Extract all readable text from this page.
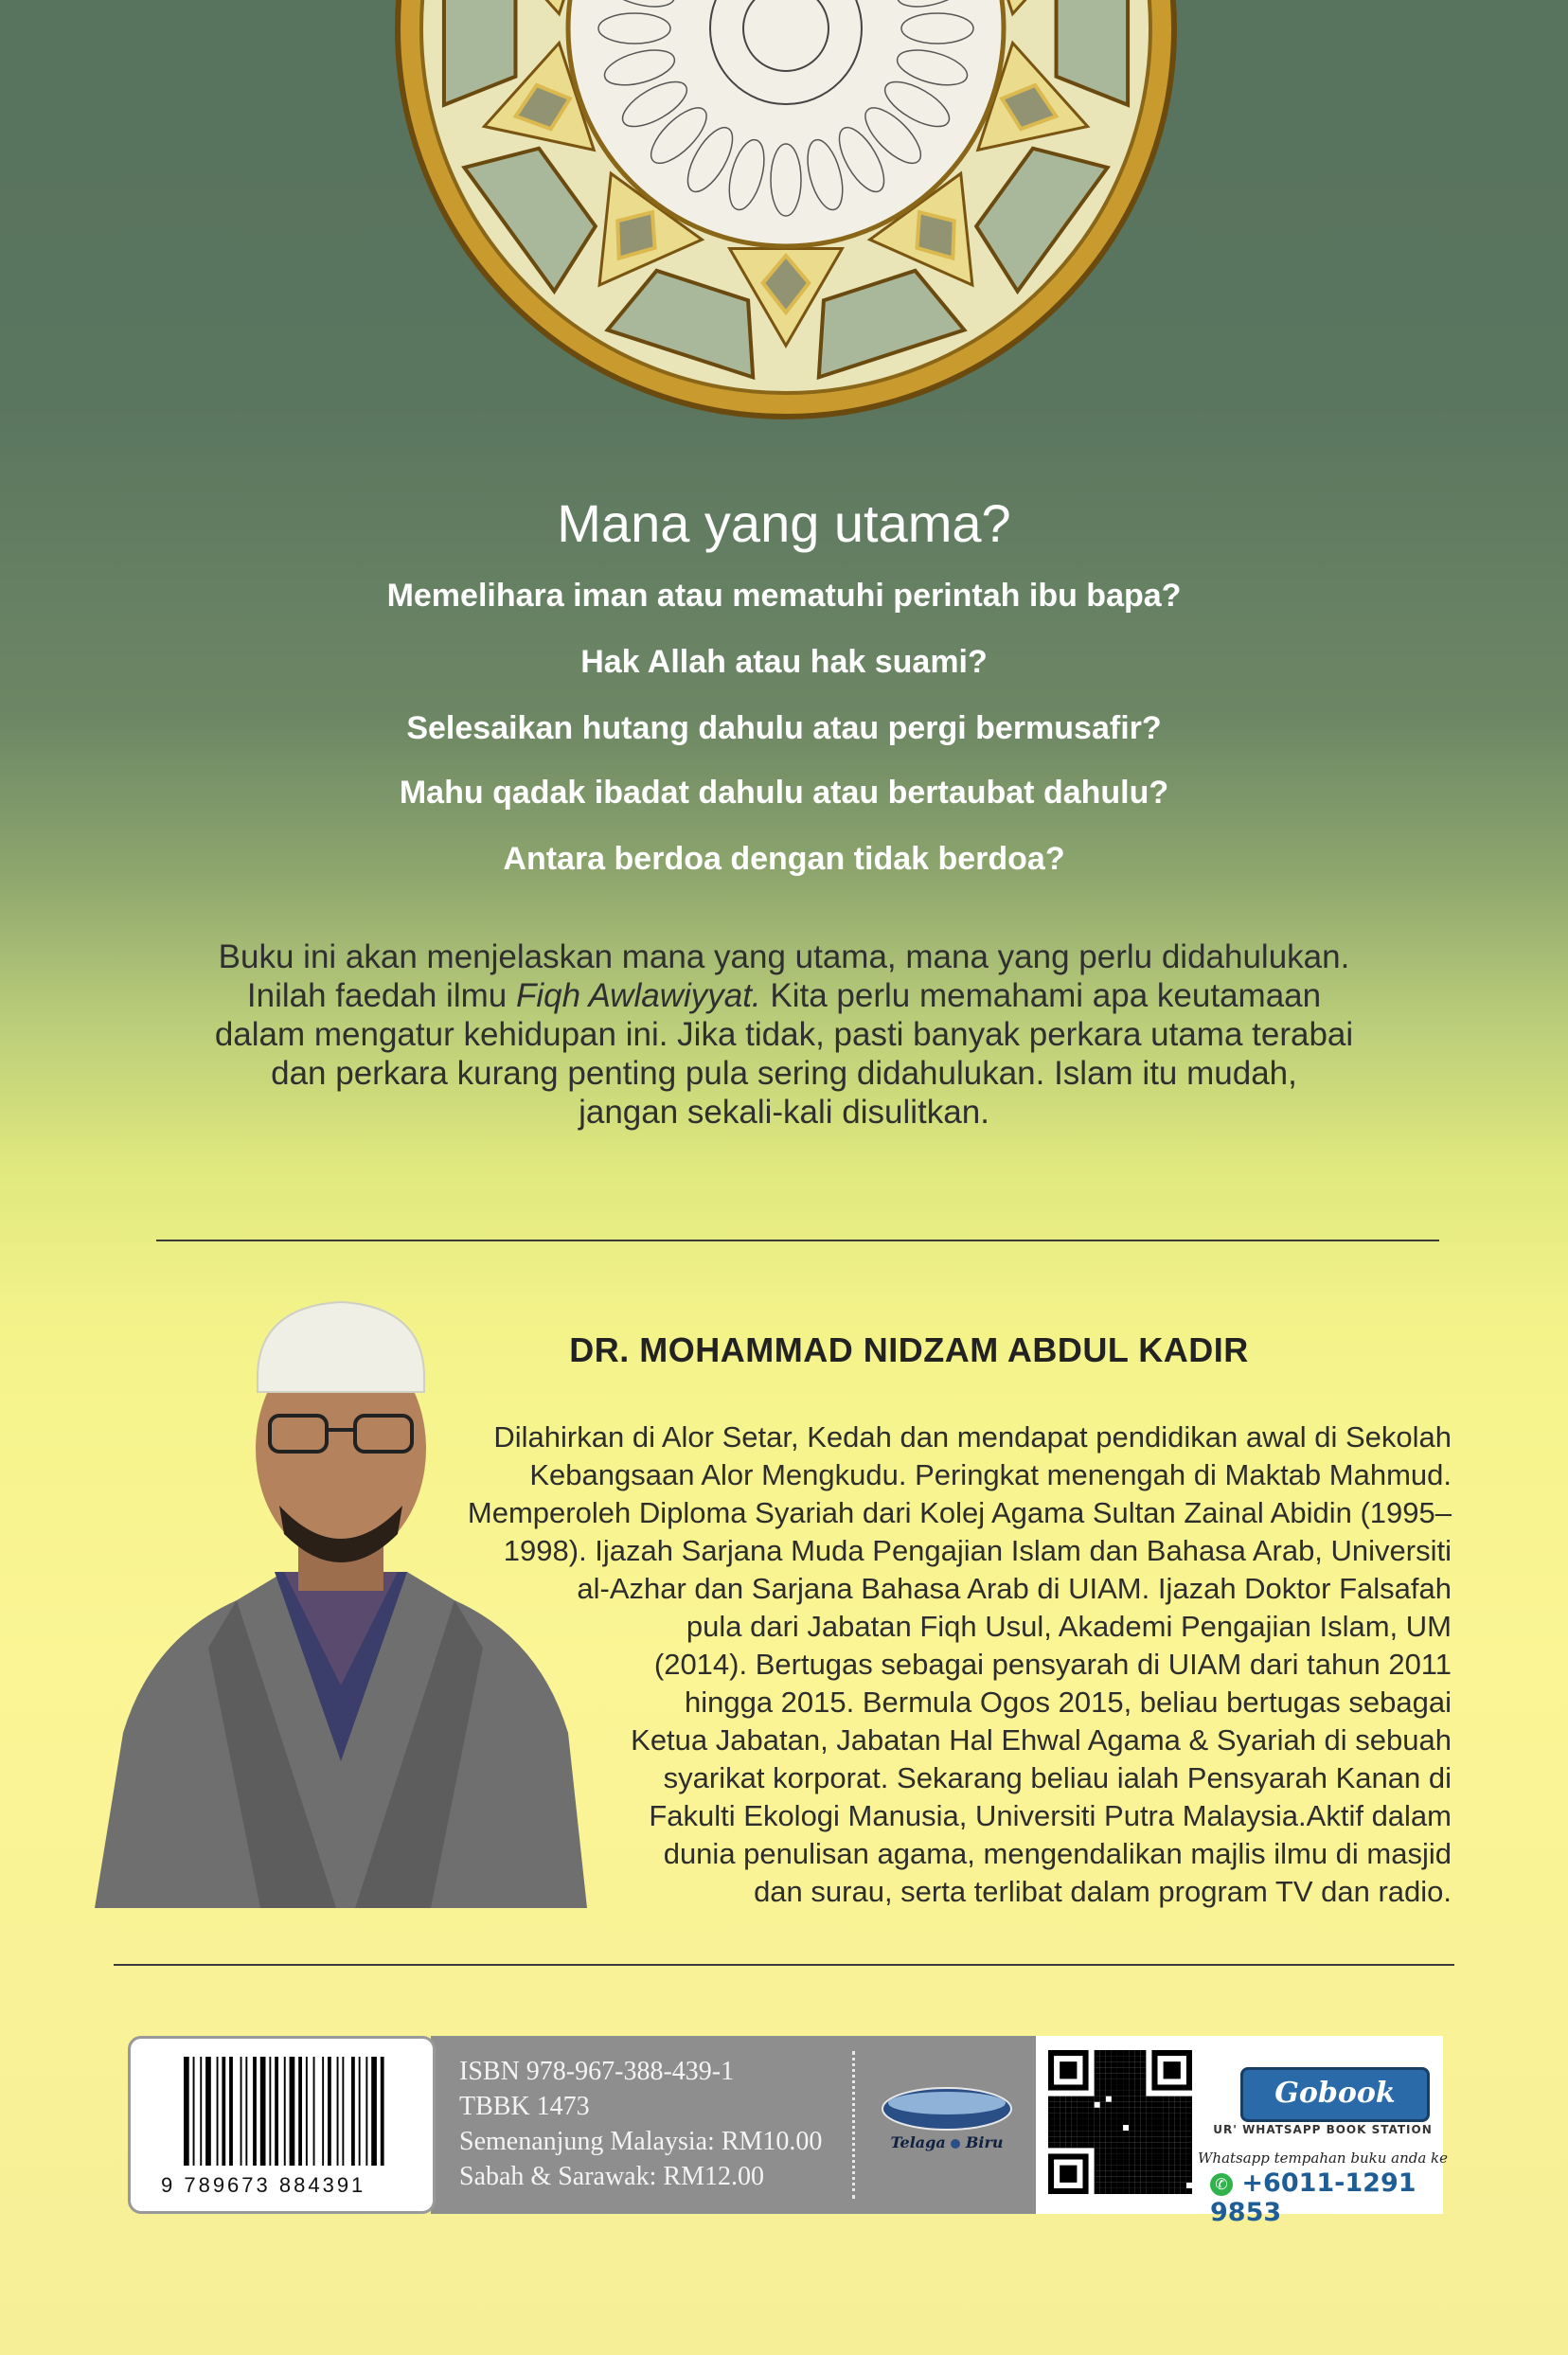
Mana yang utama?
Memelihara iman atau mematuhi perintah ibu bapa?
Hak Allah atau hak suami?
Selesaikan hutang dahulu atau pergi bermusafir?
Mahu qadak ibadat dahulu atau bertaubat dahulu?
Antara berdoa dengan tidak berdoa?
Buku ini akan menjelaskan mana yang utama, mana yang perlu didahulukan.
Inilah faedah ilmu Fiqh Awlawiyyat. Kita perlu memahami apa keutamaan
dalam mengatur kehidupan ini. Jika tidak, pasti banyak perkara utama terabai
dan perkara kurang penting pula sering didahulukan. Islam itu mudah,
jangan sekali-kali disulitkan.
DR. MOHAMMAD NIDZAM ABDUL KADIR
Dilahirkan di Alor Setar, Kedah dan mendapat pendidikan awal di Sekolah
Kebangsaan Alor Mengkudu. Peringkat menengah di Maktab Mahmud.
Memperoleh Diploma Syariah dari Kolej Agama Sultan Zainal Abidin (1995–
1998). Ijazah Sarjana Muda Pengajian Islam dan Bahasa Arab, Universiti
al-Azhar dan Sarjana Bahasa Arab di UIAM. Ijazah Doktor Falsafah
pula dari Jabatan Fiqh Usul, Akademi Pengajian Islam, UM
(2014). Bertugas sebagai pensyarah di UIAM dari tahun 2011
hingga 2015. Bermula Ogos 2015, beliau bertugas sebagai
Ketua Jabatan, Jabatan Hal Ehwal Agama & Syariah di sebuah
syarikat korporat. Sekarang beliau ialah Pensyarah Kanan di
Fakulti Ekologi Manusia, Universiti Putra Malaysia.Aktif dalam
dunia penulisan agama, mengendalikan majlis ilmu di masjid
dan surau, serta terlibat dalam program TV dan radio.
9 789673 884391
ISBN 978-967-388-439-1
TBBK 1473
Semenanjung Malaysia: RM10.00
Sabah & Sarawak: RM12.00
Telaga Biru
Gobook
UR' WHATSAPP BOOK STATION
Whatsapp tempahan buku anda ke
✆ +6011-1291 9853
